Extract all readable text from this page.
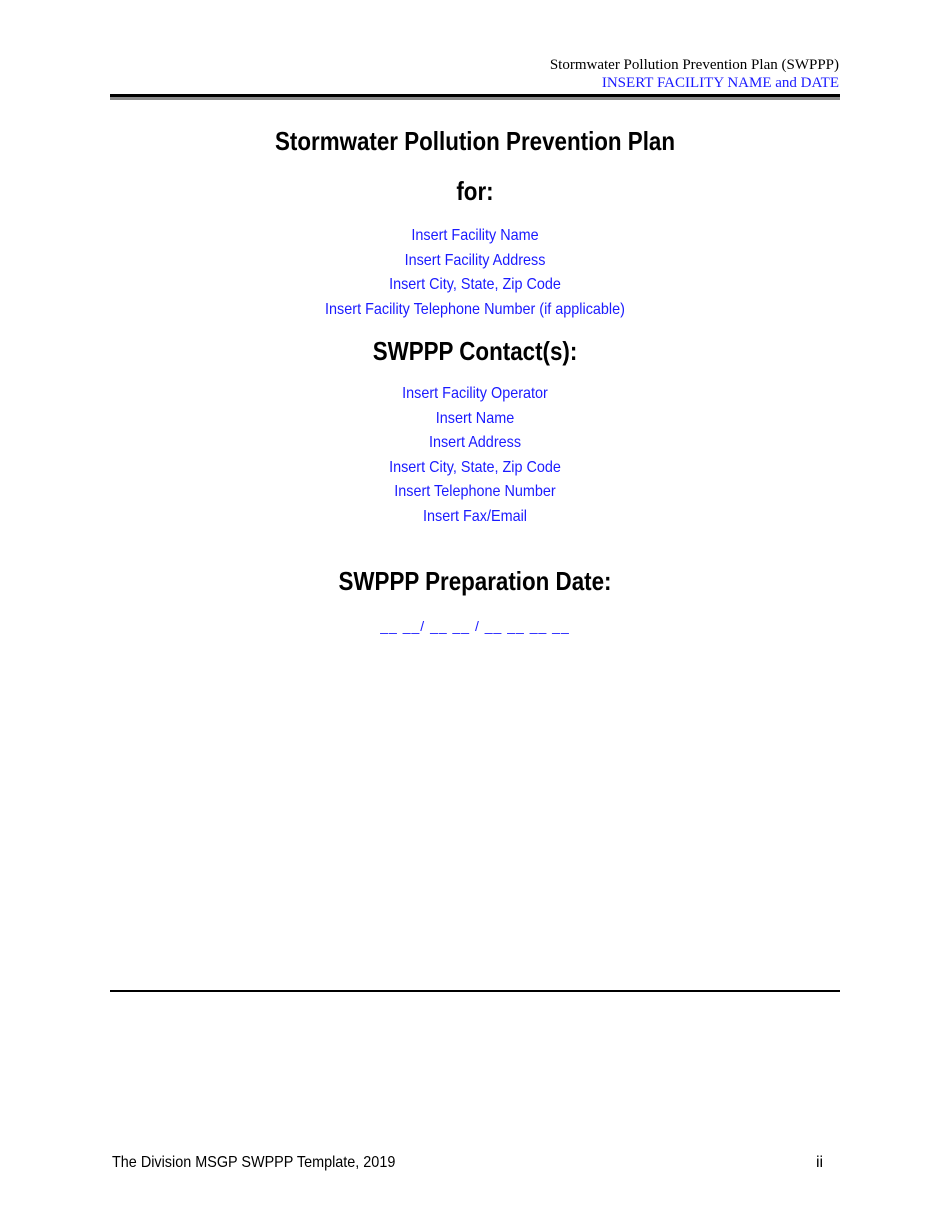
Stormwater Pollution Prevention Plan (SWPPP)
INSERT FACILITY NAME and DATE
Stormwater Pollution Prevention Plan
for:
Insert Facility Name
Insert Facility Address
Insert City, State, Zip Code
Insert Facility Telephone Number (if applicable)
SWPPP Contact(s):
Insert Facility Operator
Insert Name
Insert Address
Insert City, State, Zip Code
Insert Telephone Number
Insert Fax/Email
SWPPP Preparation Date:
__ __/ __ __ / __ __ __ __
The Division MSGP SWPPP Template, 2019	ii
